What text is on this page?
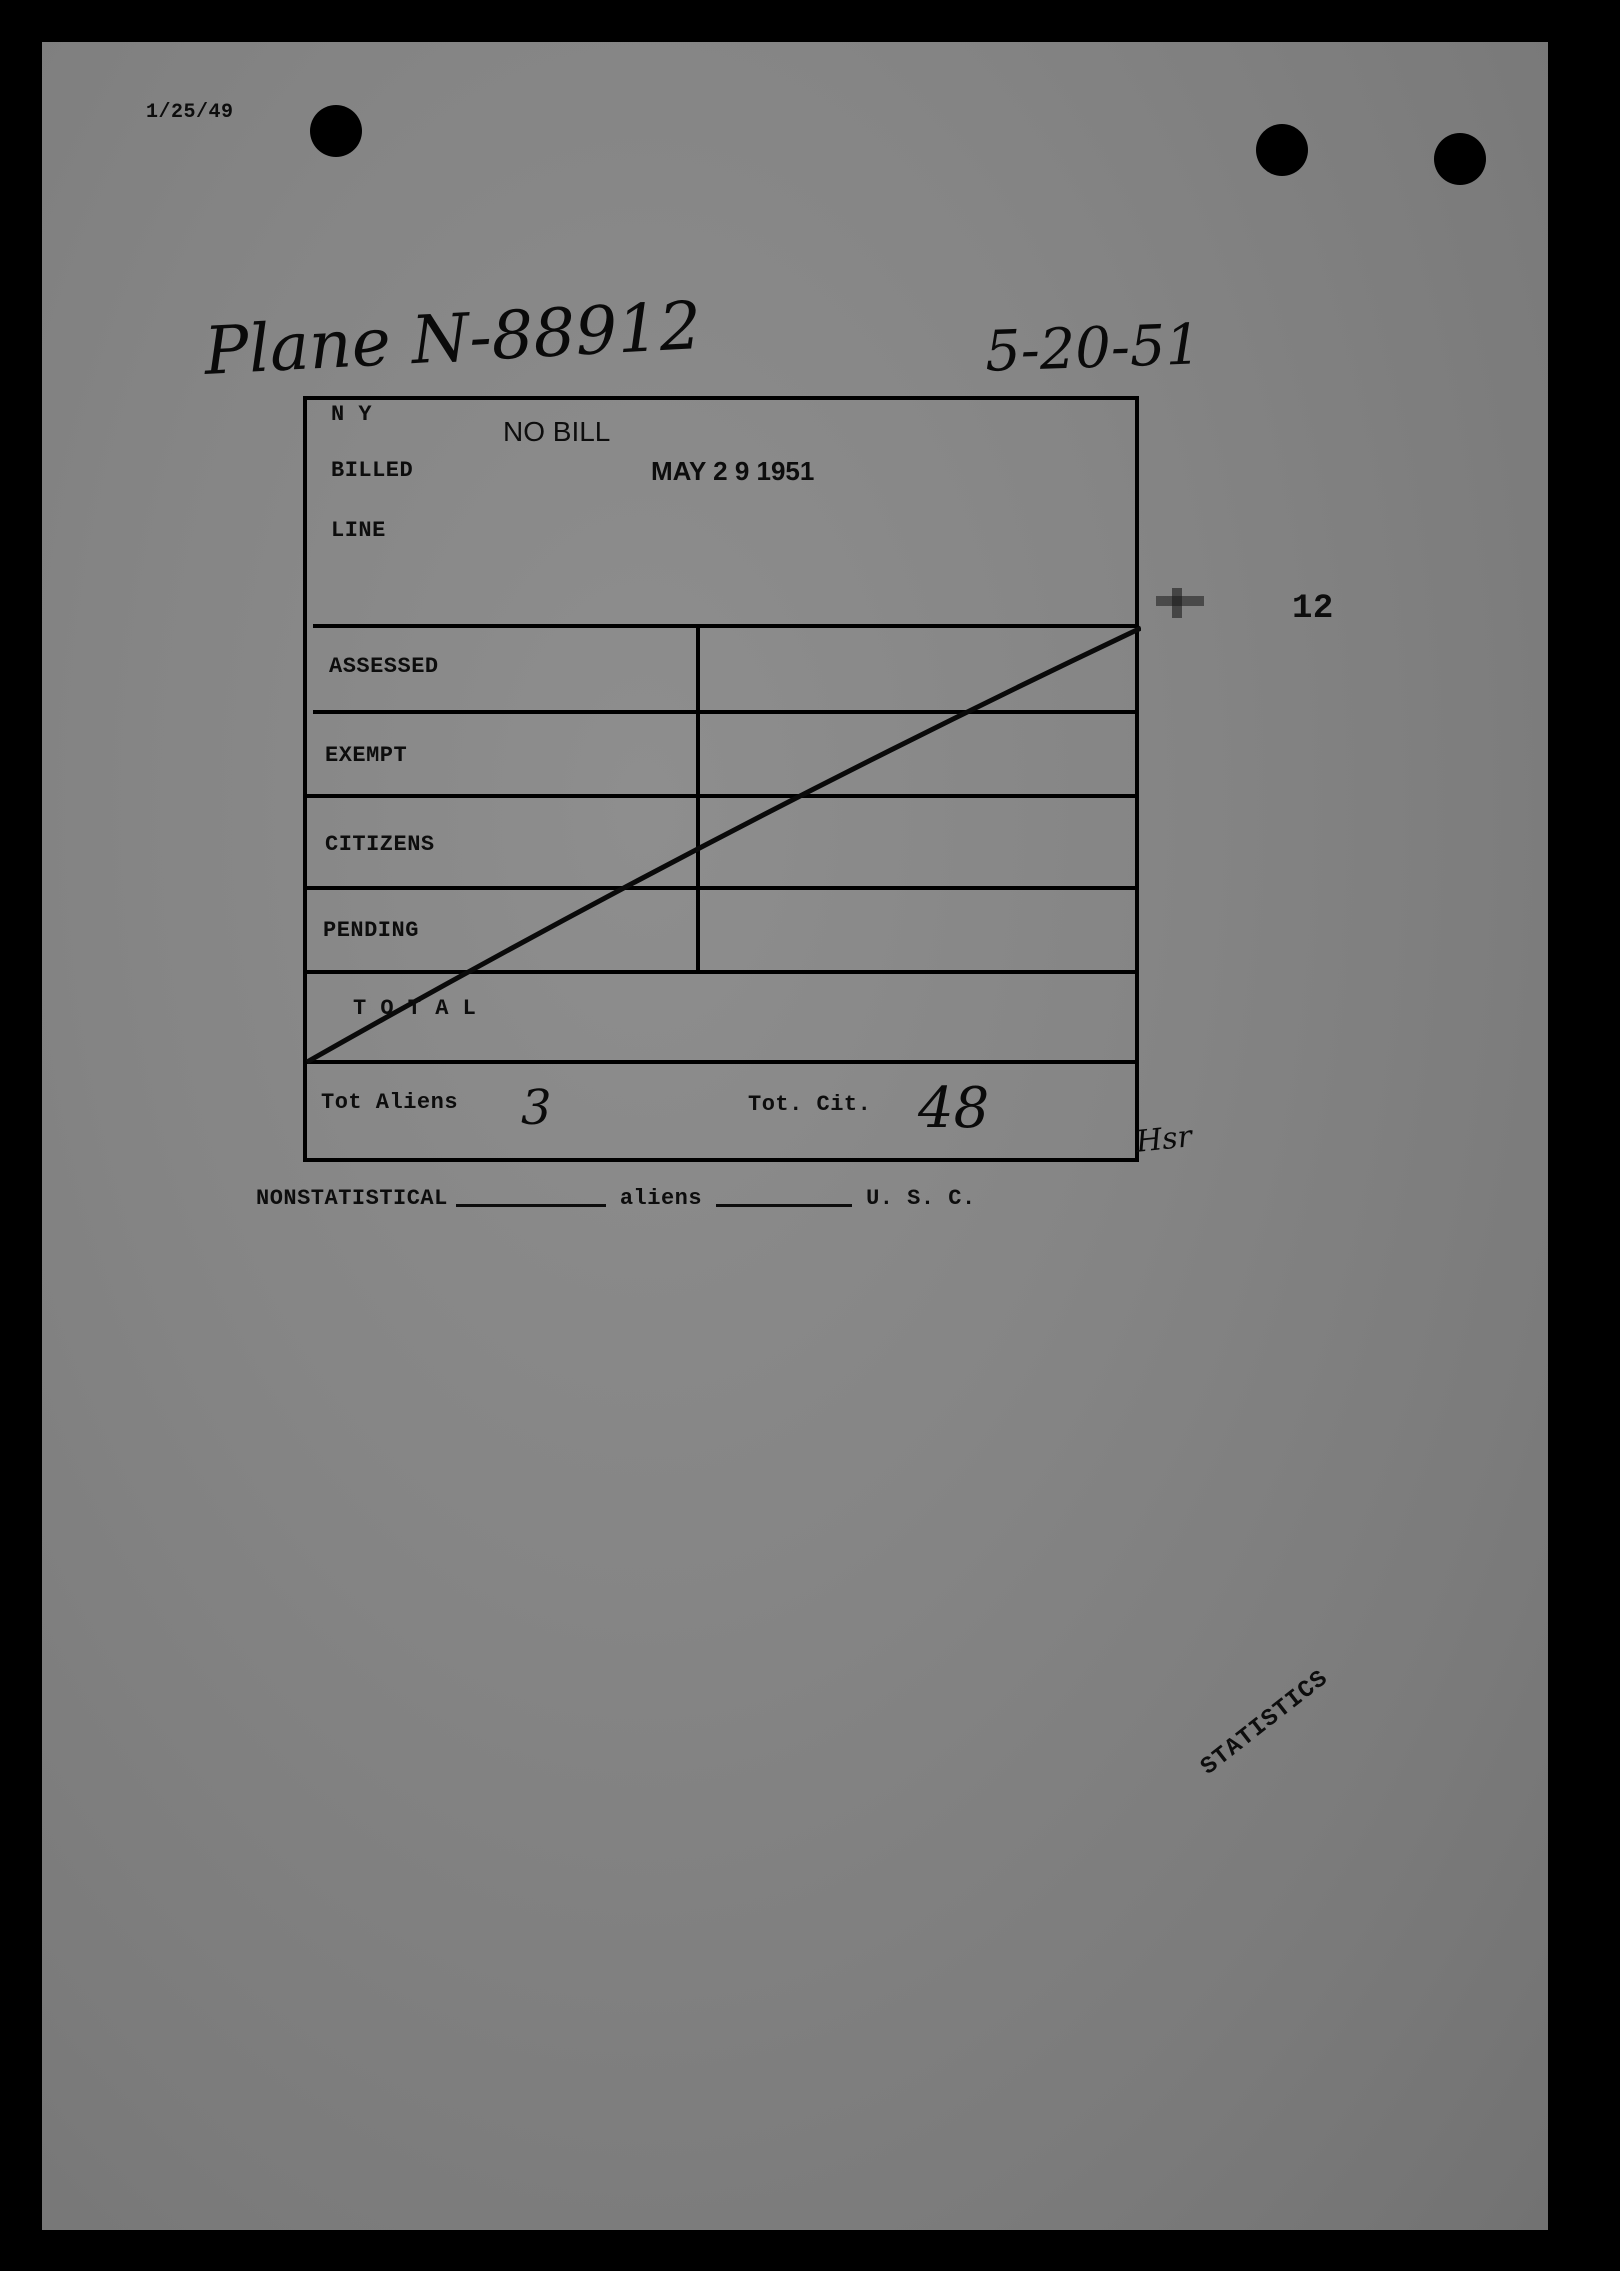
1/25/49
Plane N-88912	5-20-51
N Y
NO BILL
BILLED	MAY 2 9 1951
LINE
ASSESSED
EXEMPT
CITIZENS
PENDING
T O T A L
Tot Aliens 3	Tot. Cit. 48
12
Hsr
NONSTATISTICAL	aliens	U. S. C.
STATISTICS
